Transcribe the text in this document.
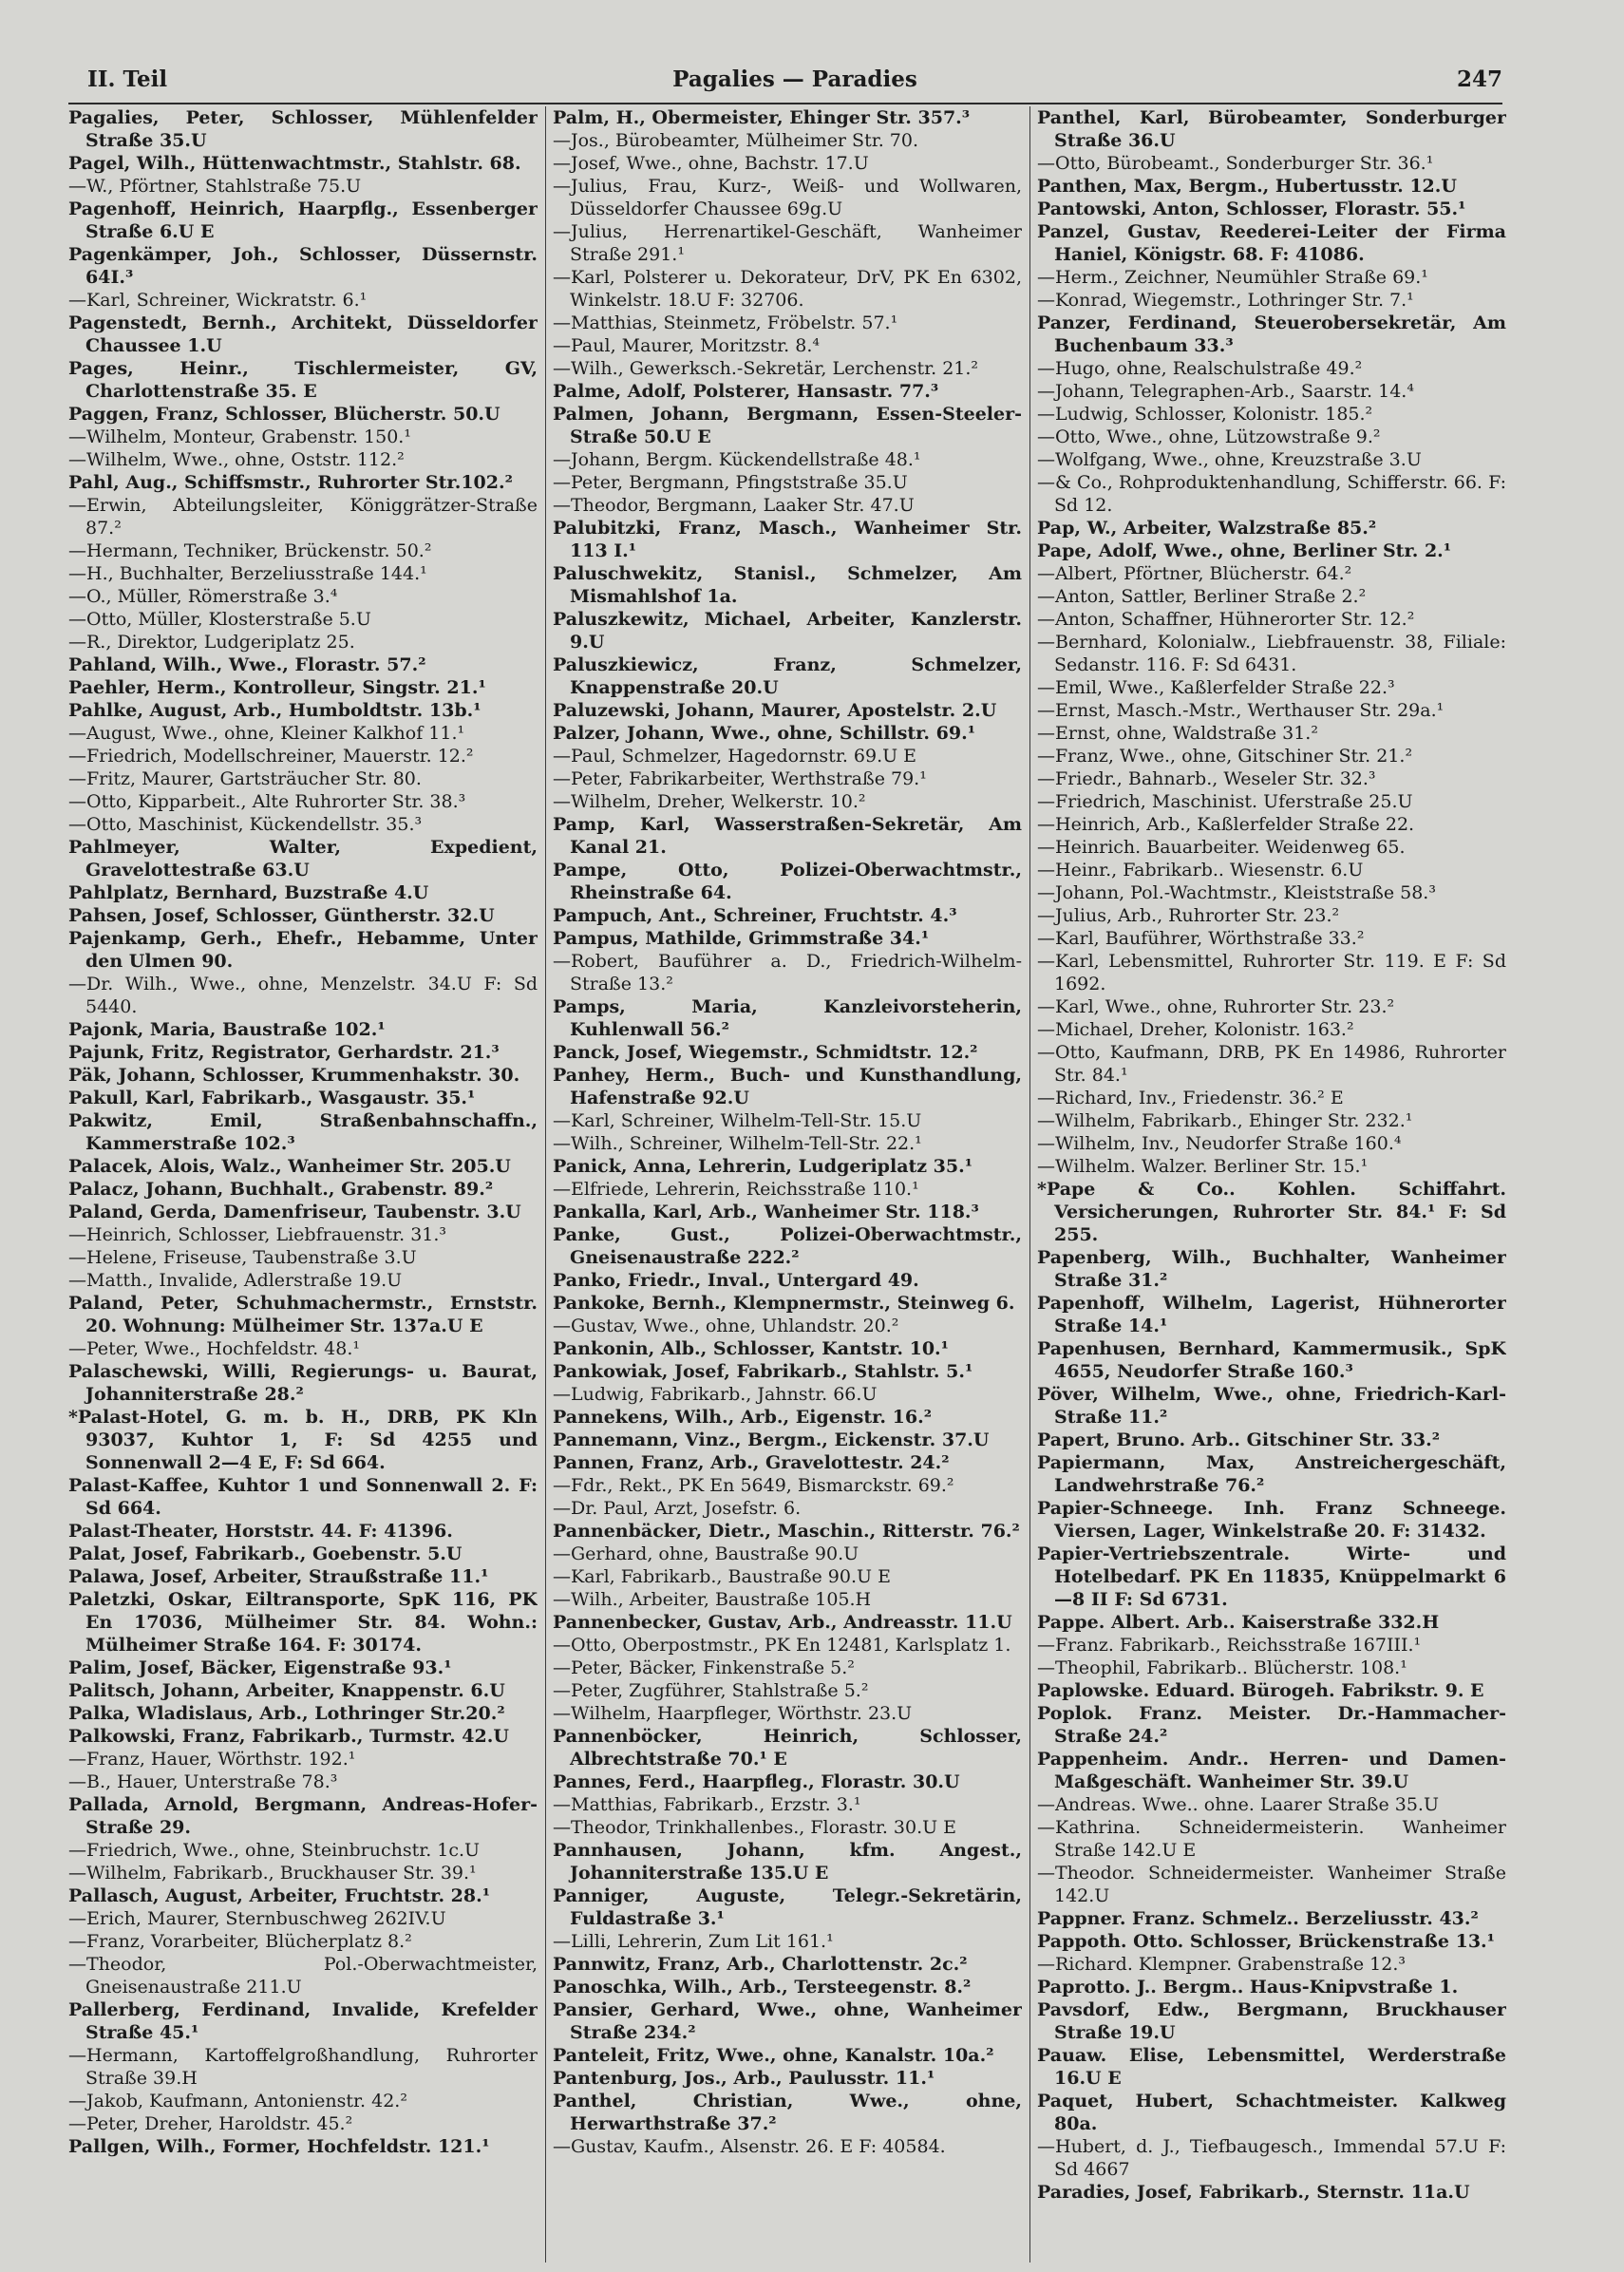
II. Teil	Pagalies — Paradies	247

Pagalies, Peter, Schlosser, Mühlenfelder Straße 35.U

Pagel, Wilh., Hüttenwachtmstr., Stahlstr. 68.

—W., Pförtner, Stahlstraße 75.U

Pagenhoff, Heinrich, Haarpflg., Essenberger Straße 6.U E

Pagenkämper, Joh., Schlosser, Düssernstr. 64I.³

—Karl, Schreiner, Wickratstr. 6.¹

Pagenstedt, Bernh., Architekt, Düsseldorfer Chaussee 1.U

Pages, Heinr., Tischlermeister, GV, Charlottenstraße 35. E

Paggen, Franz, Schlosser, Blücherstr. 50.U

—Wilhelm, Monteur, Grabenstr. 150.¹

—Wilhelm, Wwe., ohne, Oststr. 112.²

Pahl, Aug., Schiffsmstr., Ruhrorter Str.102.²

—Erwin, Abteilungsleiter, Königgrätzer-Straße 87.²

—Hermann, Techniker, Brückenstr. 50.²

—H., Buchhalter, Berzeliusstraße 144.¹

—O., Müller, Römerstraße 3.⁴

—Otto, Müller, Klosterstraße 5.U

—R., Direktor, Ludgeriplatz 25.

Pahland, Wilh., Wwe., Florastr. 57.²

Paehler, Herm., Kontrolleur, Singstr. 21.¹

Pahlke, August, Arb., Humboldtstr. 13b.¹

—August, Wwe., ohne, Kleiner Kalkhof 11.¹

—Friedrich, Modellschreiner, Mauerstr. 12.²

—Fritz, Maurer, Gartsträucher Str. 80.

—Otto, Kipparbeit., Alte Ruhrorter Str. 38.³

—Otto, Maschinist, Kückendellstr. 35.³

Pahlmeyer, Walter, Expedient, Gravelottestraße 63.U

Pahlplatz, Bernhard, Buzstraße 4.U

Pahsen, Josef, Schlosser, Güntherstr. 32.U

Pajenkamp, Gerh., Ehefr., Hebamme, Unter den Ulmen 90.

—Dr. Wilh., Wwe., ohne, Menzelstr. 34.U F: Sd 5440.

Pajonk, Maria, Baustraße 102.¹

Pajunk, Fritz, Registrator, Gerhardstr. 21.³

Päk, Johann, Schlosser, Krummenhakstr. 30.

Pakull, Karl, Fabrikarb., Wasgaustr. 35.¹

Pakwitz, Emil, Straßenbahnschaffn., Kammerstraße 102.³

Palacek, Alois, Walz., Wanheimer Str. 205.U

Palacz, Johann, Buchhalt., Grabenstr. 89.²

Paland, Gerda, Damenfriseur, Taubenstr. 3.U

—Heinrich, Schlosser, Liebfrauenstr. 31.³

—Helene, Friseuse, Taubenstraße 3.U

—Matth., Invalide, Adlerstraße 19.U

Paland, Peter, Schuhmachermstr., Ernststr. 20. Wohnung: Mülheimer Str. 137a.U E

—Peter, Wwe., Hochfeldstr. 48.¹

Palaschewski, Willi, Regierungs- u. Baurat, Johanniterstraße 28.²

*Palast-Hotel, G. m. b. H., DRB, PK Kln 93037, Kuhtor 1, F: Sd 4255 und Sonnenwall 2—4 E, F: Sd 664.

Palast-Kaffee, Kuhtor 1 und Sonnenwall 2. F: Sd 664.

Palast-Theater, Horststr. 44. F: 41396.

Palat, Josef, Fabrikarb., Goebenstr. 5.U

Palawa, Josef, Arbeiter, Straußstraße 11.¹

Paletzki, Oskar, Eiltransporte, SpK 116, PK En 17036, Mülheimer Str. 84. Wohn.: Mülheimer Straße 164. F: 30174.

Palim, Josef, Bäcker, Eigenstraße 93.¹

Palitsch, Johann, Arbeiter, Knappenstr. 6.U

Palka, Wladislaus, Arb., Lothringer Str.20.²

Palkowski, Franz, Fabrikarb., Turmstr. 42.U

—Franz, Hauer, Wörthstr. 192.¹

—B., Hauer, Unterstraße 78.³

Pallada, Arnold, Bergmann, Andreas-Hofer-Straße 29.

—Friedrich, Wwe., ohne, Steinbruchstr. 1c.U

—Wilhelm, Fabrikarb., Bruckhauser Str. 39.¹

Pallasch, August, Arbeiter, Fruchtstr. 28.¹

—Erich, Maurer, Sternbuschweg 262IV.U

—Franz, Vorarbeiter, Blücherplatz 8.²

—Theodor, Pol.-Oberwachtmeister, Gneisenaustraße 211.U

Pallerberg, Ferdinand, Invalide, Krefelder Straße 45.¹

—Hermann, Kartoffelgroßhandlung, Ruhrorter Straße 39.H

—Jakob, Kaufmann, Antonienstr. 42.²

—Peter, Dreher, Haroldstr. 45.²

Pallgen, Wilh., Former, Hochfeldstr. 121.¹

Palm, H., Obermeister, Ehinger Str. 357.³

—Jos., Bürobeamter, Mülheimer Str. 70.

—Josef, Wwe., ohne, Bachstr. 17.U

—Julius, Frau, Kurz-, Weiß- und Wollwaren, Düsseldorfer Chaussee 69g.U

—Julius, Herrenartikel-Geschäft, Wanheimer Straße 291.¹

—Karl, Polsterer u. Dekorateur, DrV, PK En 6302, Winkelstr. 18.U F: 32706.

—Matthias, Steinmetz, Fröbelstr. 57.¹

—Paul, Maurer, Moritzstr. 8.⁴

—Wilh., Gewerksch.-Sekretär, Lerchenstr. 21.²

Palme, Adolf, Polsterer, Hansastr. 77.³

Palmen, Johann, Bergmann, Essen-Steeler-Straße 50.U E

—Johann, Bergm. Kückendellstraße 48.¹

—Peter, Bergmann, Pfingststraße 35.U

—Theodor, Bergmann, Laaker Str. 47.U

Palubitzki, Franz, Masch., Wanheimer Str. 113 I.¹

Paluschwekitz, Stanisl., Schmelzer, Am Mismahlshof 1a.

Paluszkewitz, Michael, Arbeiter, Kanzlerstr. 9.U

Paluszkiewicz, Franz, Schmelzer, Knappenstraße 20.U

Paluzewski, Johann, Maurer, Apostelstr. 2.U

Palzer, Johann, Wwe., ohne, Schillstr. 69.¹

—Paul, Schmelzer, Hagedornstr. 69.U E

—Peter, Fabrikarbeiter, Werthstraße 79.¹

—Wilhelm, Dreher, Welkerstr. 10.²

Pamp, Karl, Wasserstraßen-Sekretär, Am Kanal 21.

Pampe, Otto, Polizei-Oberwachtmstr., Rheinstraße 64.

Pampuch, Ant., Schreiner, Fruchtstr. 4.³

Pampus, Mathilde, Grimmstraße 34.¹

—Robert, Bauführer a. D., Friedrich-Wilhelm-Straße 13.²

Pamps, Maria, Kanzleivorsteherin, Kuhlenwall 56.²

Panck, Josef, Wiegemstr., Schmidtstr. 12.²

Panhey, Herm., Buch- und Kunsthandlung, Hafenstraße 92.U

—Karl, Schreiner, Wilhelm-Tell-Str. 15.U

—Wilh., Schreiner, Wilhelm-Tell-Str. 22.¹

Panick, Anna, Lehrerin, Ludgeriplatz 35.¹

—Elfriede, Lehrerin, Reichsstraße 110.¹

Pankalla, Karl, Arb., Wanheimer Str. 118.³

Panke, Gust., Polizei-Oberwachtmstr., Gneisenaustraße 222.²

Panko, Friedr., Inval., Untergard 49.

Pankoke, Bernh., Klempnermstr., Steinweg 6.

—Gustav, Wwe., ohne, Uhlandstr. 20.²

Pankonin, Alb., Schlosser, Kantstr. 10.¹

Pankowiak, Josef, Fabrikarb., Stahlstr. 5.¹

—Ludwig, Fabrikarb., Jahnstr. 66.U

Pannekens, Wilh., Arb., Eigenstr. 16.²

Pannemann, Vinz., Bergm., Eickenstr. 37.U

Pannen, Franz, Arb., Gravelottestr. 24.²

—Fdr., Rekt., PK En 5649, Bismarckstr. 69.²

—Dr. Paul, Arzt, Josefstr. 6.

Pannenbäcker, Dietr., Maschin., Ritterstr. 76.²

—Gerhard, ohne, Baustraße 90.U

—Karl, Fabrikarb., Baustraße 90.U E

—Wilh., Arbeiter, Baustraße 105.H

Pannenbecker, Gustav, Arb., Andreasstr. 11.U

—Otto, Oberpostmstr., PK En 12481, Karlsplatz 1.

—Peter, Bäcker, Finkenstraße 5.²

—Peter, Zugführer, Stahlstraße 5.²

—Wilhelm, Haarpfleger, Wörthstr. 23.U

Pannenböcker, Heinrich, Schlosser, Albrechtstraße 70.¹ E

Pannes, Ferd., Haarpfleg., Florastr. 30.U

—Matthias, Fabrikarb., Erzstr. 3.¹

—Theodor, Trinkhallenbes., Florastr. 30.U E

Pannhausen, Johann, kfm. Angest., Johanniterstraße 135.U E

Panniger, Auguste, Telegr.-Sekretärin, Fuldastraße 3.¹

—Lilli, Lehrerin, Zum Lit 161.¹

Pannwitz, Franz, Arb., Charlottenstr. 2c.²

Panoschka, Wilh., Arb., Tersteegenstr. 8.²

Pansier, Gerhard, Wwe., ohne, Wanheimer Straße 234.²

Panteleit, Fritz, Wwe., ohne, Kanalstr. 10a.²

Pantenburg, Jos., Arb., Paulusstr. 11.¹

Panthel, Christian, Wwe., ohne, Herwarthstraße 37.²

—Gustav, Kaufm., Alsenstr. 26. E F: 40584.

Panthel, Karl, Bürobeamter, Sonderburger Straße 36.U

—Otto, Bürobeamt., Sonderburger Str. 36.¹

Panthen, Max, Bergm., Hubertusstr. 12.U

Pantowski, Anton, Schlosser, Florastr. 55.¹

Panzel, Gustav, Reederei-Leiter der Firma Haniel, Königstr. 68. F: 41086.

—Herm., Zeichner, Neumühler Straße 69.¹

—Konrad, Wiegemstr., Lothringer Str. 7.¹

Panzer, Ferdinand, Steuerobersekretär, Am Buchenbaum 33.³

—Hugo, ohne, Realschulstraße 49.²

—Johann, Telegraphen-Arb., Saarstr. 14.⁴

—Ludwig, Schlosser, Kolonistr. 185.²

—Otto, Wwe., ohne, Lützowstraße 9.²

—Wolfgang, Wwe., ohne, Kreuzstraße 3.U

—& Co., Rohproduktenhandlung, Schifferstr. 66. F: Sd 12.

Pap, W., Arbeiter, Walzstraße 85.²

Pape, Adolf, Wwe., ohne, Berliner Str. 2.¹

—Albert, Pförtner, Blücherstr. 64.²

—Anton, Sattler, Berliner Straße 2.²

—Anton, Schaffner, Hühnerorter Str. 12.²

—Bernhard, Kolonialw., Liebfrauenstr. 38, Filiale: Sedanstr. 116. F: Sd 6431.

—Emil, Wwe., Kaßlerfelder Straße 22.³

—Ernst, Masch.-Mstr., Werthauser Str. 29a.¹

—Ernst, ohne, Waldstraße 31.²

—Franz, Wwe., ohne, Gitschiner Str. 21.²

—Friedr., Bahnarb., Weseler Str. 32.³

—Friedrich, Maschinist. Uferstraße 25.U

—Heinrich, Arb., Kaßlerfelder Straße 22.

—Heinrich. Bauarbeiter. Weidenweg 65.

—Heinr., Fabrikarb.. Wiesenstr. 6.U

—Johann, Pol.-Wachtmstr., Kleiststraße 58.³

—Julius, Arb., Ruhrorter Str. 23.²

—Karl, Bauführer, Wörthstraße 33.²

—Karl, Lebensmittel, Ruhrorter Str. 119. E F: Sd 1692.

—Karl, Wwe., ohne, Ruhrorter Str. 23.²

—Michael, Dreher, Kolonistr. 163.²

—Otto, Kaufmann, DRB, PK En 14986, Ruhrorter Str. 84.¹

—Richard, Inv., Friedenstr. 36.² E

—Wilhelm, Fabrikarb., Ehinger Str. 232.¹

—Wilhelm, Inv., Neudorfer Straße 160.⁴

—Wilhelm. Walzer. Berliner Str. 15.¹

*Pape & Co.. Kohlen. Schiffahrt. Versicherungen, Ruhrorter Str. 84.¹ F: Sd 255.

Papenberg, Wilh., Buchhalter, Wanheimer Straße 31.²

Papenhoff, Wilhelm, Lagerist, Hühnerorter Straße 14.¹

Papenhusen, Bernhard, Kammermusik., SpK 4655, Neudorfer Straße 160.³

Pöver, Wilhelm, Wwe., ohne, Friedrich-Karl-Straße 11.²

Papert, Bruno. Arb.. Gitschiner Str. 33.²

Papiermann, Max, Anstreichergeschäft, Landwehrstraße 76.²

Papier-Schneege. Inh. Franz Schneege. Viersen, Lager, Winkelstraße 20. F: 31432.

Papier-Vertriebszentrale. Wirte- und Hotelbedarf. PK En 11835, Knüppelmarkt 6—8 II F: Sd 6731.

Pappe. Albert. Arb.. Kaiserstraße 332.H

—Franz. Fabrikarb., Reichsstraße 167III.¹

—Theophil, Fabrikarb.. Blücherstr. 108.¹

Paplowske. Eduard. Bürogeh. Fabrikstr. 9. E

Poplok. Franz. Meister. Dr.-Hammacher-Straße 24.²

Pappenheim. Andr.. Herren- und Damen-Maßgeschäft. Wanheimer Str. 39.U

—Andreas. Wwe.. ohne. Laarer Straße 35.U

—Kathrina. Schneidermeisterin. Wanheimer Straße 142.U E

—Theodor. Schneidermeister. Wanheimer Straße 142.U

Pappner. Franz. Schmelz.. Berzeliusstr. 43.²

Pappoth. Otto. Schlosser, Brückenstraße 13.¹

—Richard. Klempner. Grabenstraße 12.³

Paprotto. J.. Bergm.. Haus-Knipvstraße 1.

Pavsdorf, Edw., Bergmann, Bruckhauser Straße 19.U

Pauaw. Elise, Lebensmittel, Werderstraße 16.U E

Paquet, Hubert, Schachtmeister. Kalkweg 80a.

—Hubert, d. J., Tiefbaugesch., Immendal 57.U F: Sd 4667

Paradies, Josef, Fabrikarb., Sternstr. 11a.U
